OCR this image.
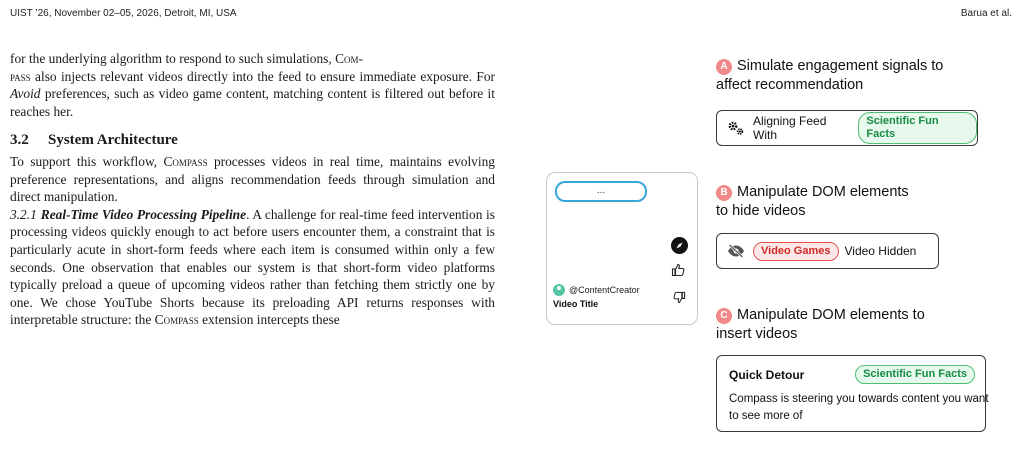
UIST ’26, November 02–05, 2026, Detroit, MI, USA	Barua et al.

for the underlying algorithm to respond to such simulations, Com-
pass also injects relevant videos directly into the feed to ensure immediate exposure. For Avoid preferences, such as video game content, matching content is filtered out before it reaches her.

3.2 System Architecture

To support this workflow, Compass processes videos in real time, maintains evolving preference representations, and aligns recommendation feeds through simulation and direct manipulation.

3.2.1 Real-Time Video Processing Pipeline. A challenge for real-time feed intervention is processing videos quickly enough to act before users encounter them, a constraint that is particularly acute in short-form feeds where each item is consumed within only a few seconds. One observation that enables our system is that short-form video platforms typically preload a queue of upcoming videos rather than fetching them strictly one by one. We chose YouTube Shorts because its preloading API returns responses with interpretable structure: the Compass extension intercepts these

...
@ContentCreator
Video Title
A Simulate engagement signals to
affect recommendation
Aligning Feed With
Scientific Fun Facts
B Manipulate DOM elements
to hide videos
Video Games	Video Hidden
C Manipulate DOM elements to
insert videos
Quick Detour	Scientific Fun Facts
Compass is steering you towards content you want to see more of
